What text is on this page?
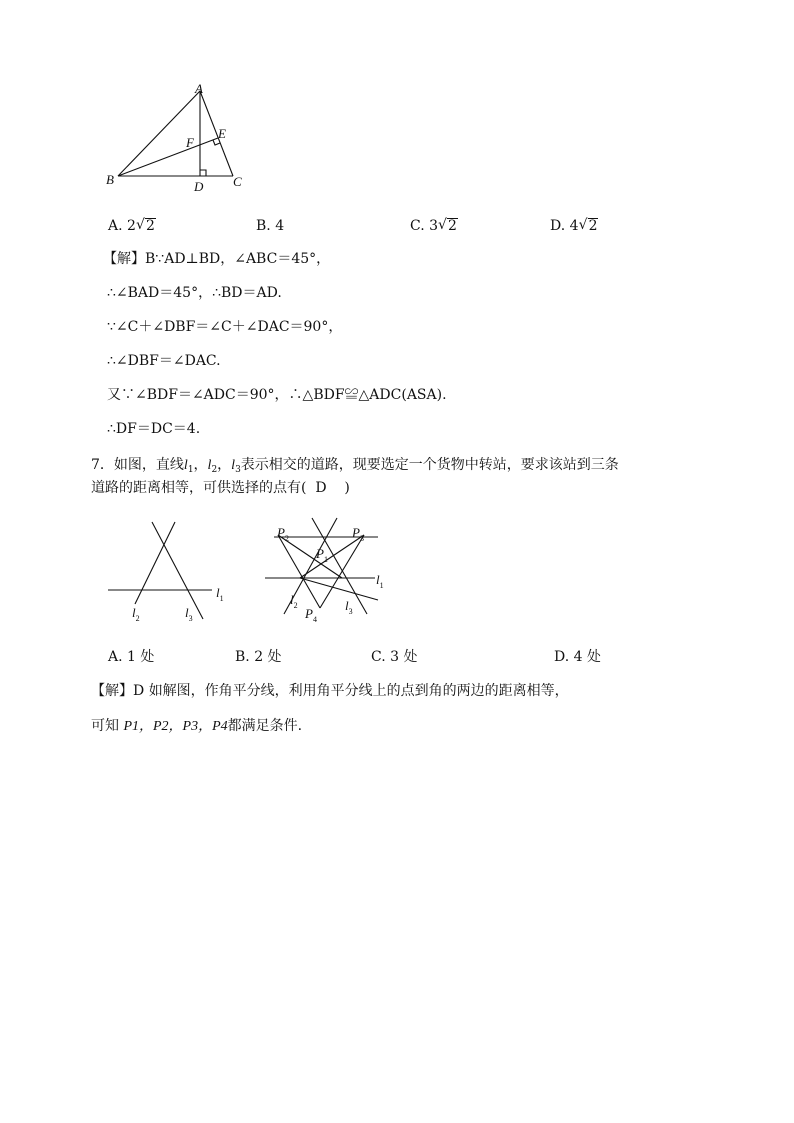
A
E
F
B	D C
A. 2 √ 2	B. 4	C. 3 √ 2	D. 4 √ 2
【解】B∵AD⊥BD，∠ABC＝45°，
∴∠BAD＝45°，∴BD＝AD.
∵∠C＋∠DBF＝∠C＋∠DAC＝90°，
∴∠DBF＝∠DAC.
又∵∠BDF＝∠ADC＝90°，∴△BDF≌△ADC(ASA).
∴DF＝DC＝4.
7．如图，直线$l_1$，$l_2$，$l_3$表示相交的道路，现要选定一个货物中转站，要求该站到三条
道路的距离相等，可供选择的点有( D )
$l_1$
$l_2$	$l_3$
$P_2$	$P_3$
$P_1$
$l_1$
$l_2$
$P_4$
$l_3$
A. 1 处	B. 2 处	C. 3 处	D. 4 处
【解】D 如解图，作角平分线，利用角平分线上的点到角的两边的距离相等，
可知 P1，P2，P3，P4都满足条件.
